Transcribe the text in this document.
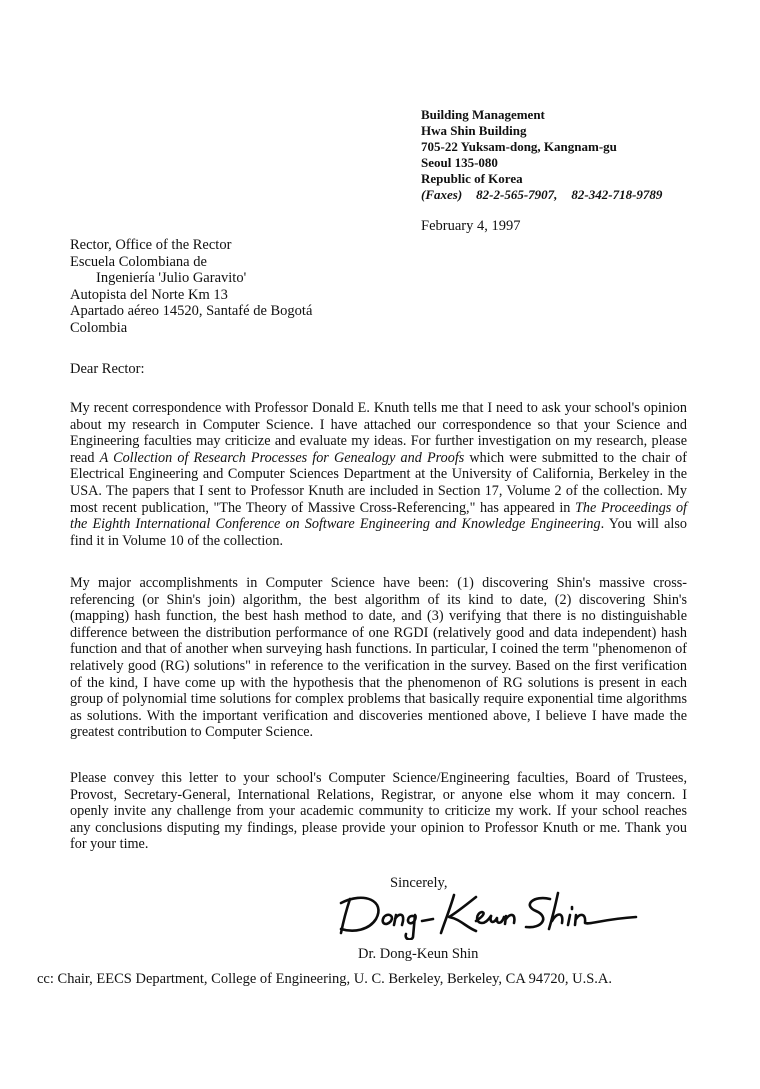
Building Management
Hwa Shin Building
705-22 Yuksam-dong, Kangnam-gu
Seoul 135-080
Republic of Korea
(Faxes) 82-2-565-7907, 82-342-718-9789
February 4, 1997
Rector, Office of the Rector
Escuela Colombiana de
Ingeniería 'Julio Garavito'
Autopista del Norte Km 13
Apartado aéreo 14520, Santafé de Bogotá
Colombia
Dear Rector:

My recent correspondence with Professor Donald E. Knuth tells me that I need to ask your school's opinion about my research in Computer Science. I have attached our correspondence so that your Science and Engineering faculties may criticize and evaluate my ideas. For further investigation on my research, please read A Collection of Research Processes for Genealogy and Proofs which were submitted to the chair of Electrical Engineering and Computer Sciences Department at the University of California, Berkeley in the USA. The papers that I sent to Professor Knuth are included in Section 17, Volume 2 of the collection. My most recent publication, "The Theory of Massive Cross-Referencing," has appeared in The Proceedings of the Eighth International Conference on Software Engineering and Knowledge Engineering. You will also find it in Volume 10 of the collection.

My major accomplishments in Computer Science have been: (1) discovering Shin's massive cross-referencing (or Shin's join) algorithm, the best algorithm of its kind to date, (2) discovering Shin's (mapping) hash function, the best hash method to date, and (3) verifying that there is no distinguishable difference between the distribution performance of one RGDI (relatively good and data independent) hash function and that of another when surveying hash functions. In particular, I coined the term "phenomenon of relatively good (RG) solutions" in reference to the verification in the survey. Based on the first verification of the kind, I have come up with the hypothesis that the phenomenon of RG solutions is present in each group of polynomial time solutions for complex problems that basically require exponential time algorithms as solutions. With the important verification and discoveries mentioned above, I believe I have made the greatest contribution to Computer Science.

Please convey this letter to your school's Computer Science/Engineering faculties, Board of Trustees, Provost, Secretary-General, International Relations, Registrar, or anyone else whom it may concern. I openly invite any challenge from your academic community to criticize my work. If your school reaches any conclusions disputing my findings, please provide your opinion to Professor Knuth or me. Thank you for your time.

Sincerely,
Dr. Dong-Keun Shin
cc: Chair, EECS Department, College of Engineering, U. C. Berkeley, Berkeley, CA 94720, U.S.A.
